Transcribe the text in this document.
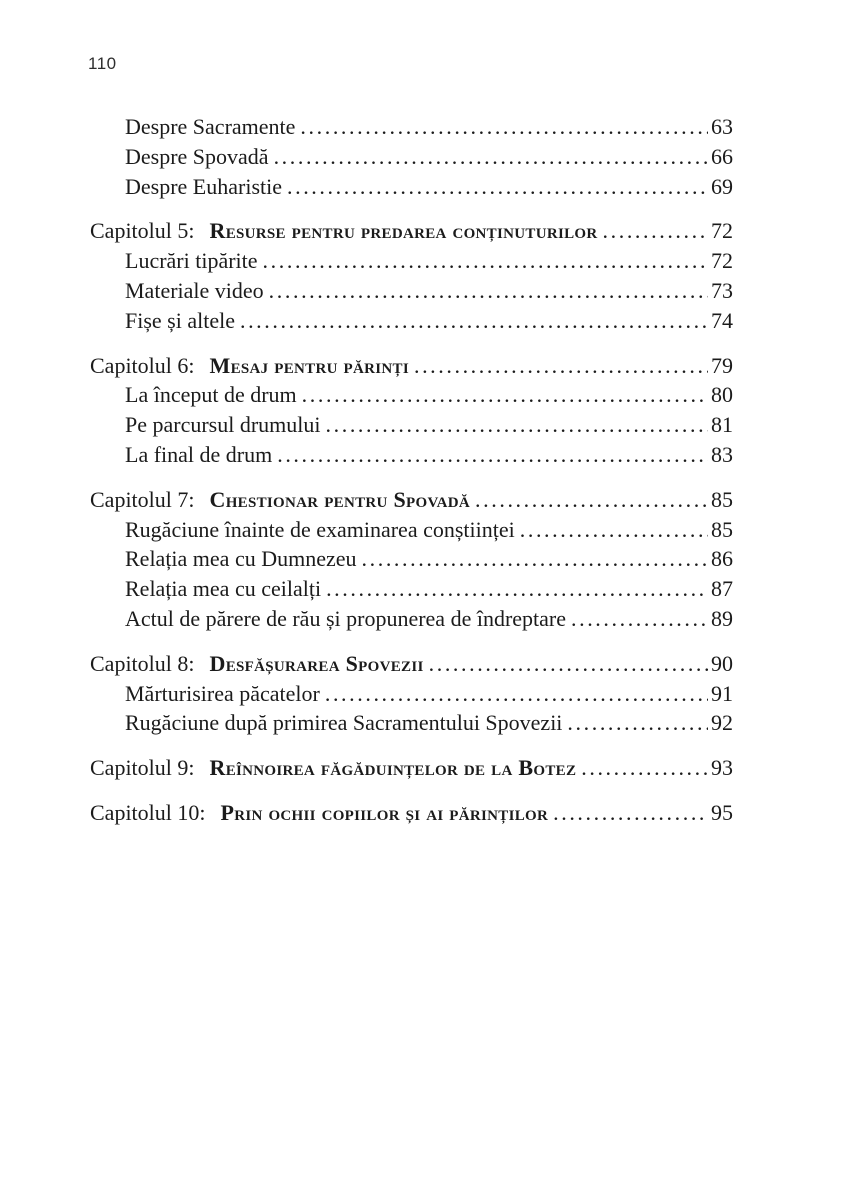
110
Despre Sacramente .....	63
Despre Spovadă .....	66
Despre Euharistie .....	69
Capitolul 5: Resurse pentru predarea conținuturilor .....	72
Lucrări tipărite .....	72
Materiale video .....	73
Fișe și altele .....	74
Capitolul 6: Mesaj pentru părinți .....	79
La început de drum .....	80
Pe parcursul drumului .....	81
La final de drum .....	83
Capitolul 7: Chestionar pentru Spovadă .....	85
Rugăciune înainte de examinarea conștiinței .....	85
Relația mea cu Dumnezeu .....	86
Relația mea cu ceilalți .....	87
Actul de părere de rău și propunerea de îndreptare .....	89
Capitolul 8: Desfășurarea Spovezii .....	90
Mărturisirea păcatelor .....	91
Rugăciune după primirea Sacramentului Spovezii .....	92
Capitolul 9: Reînnoirea făgăduințelor de la Botez .....	93
Capitolul 10: Prin ochii copiilor și ai părinților .....	95
